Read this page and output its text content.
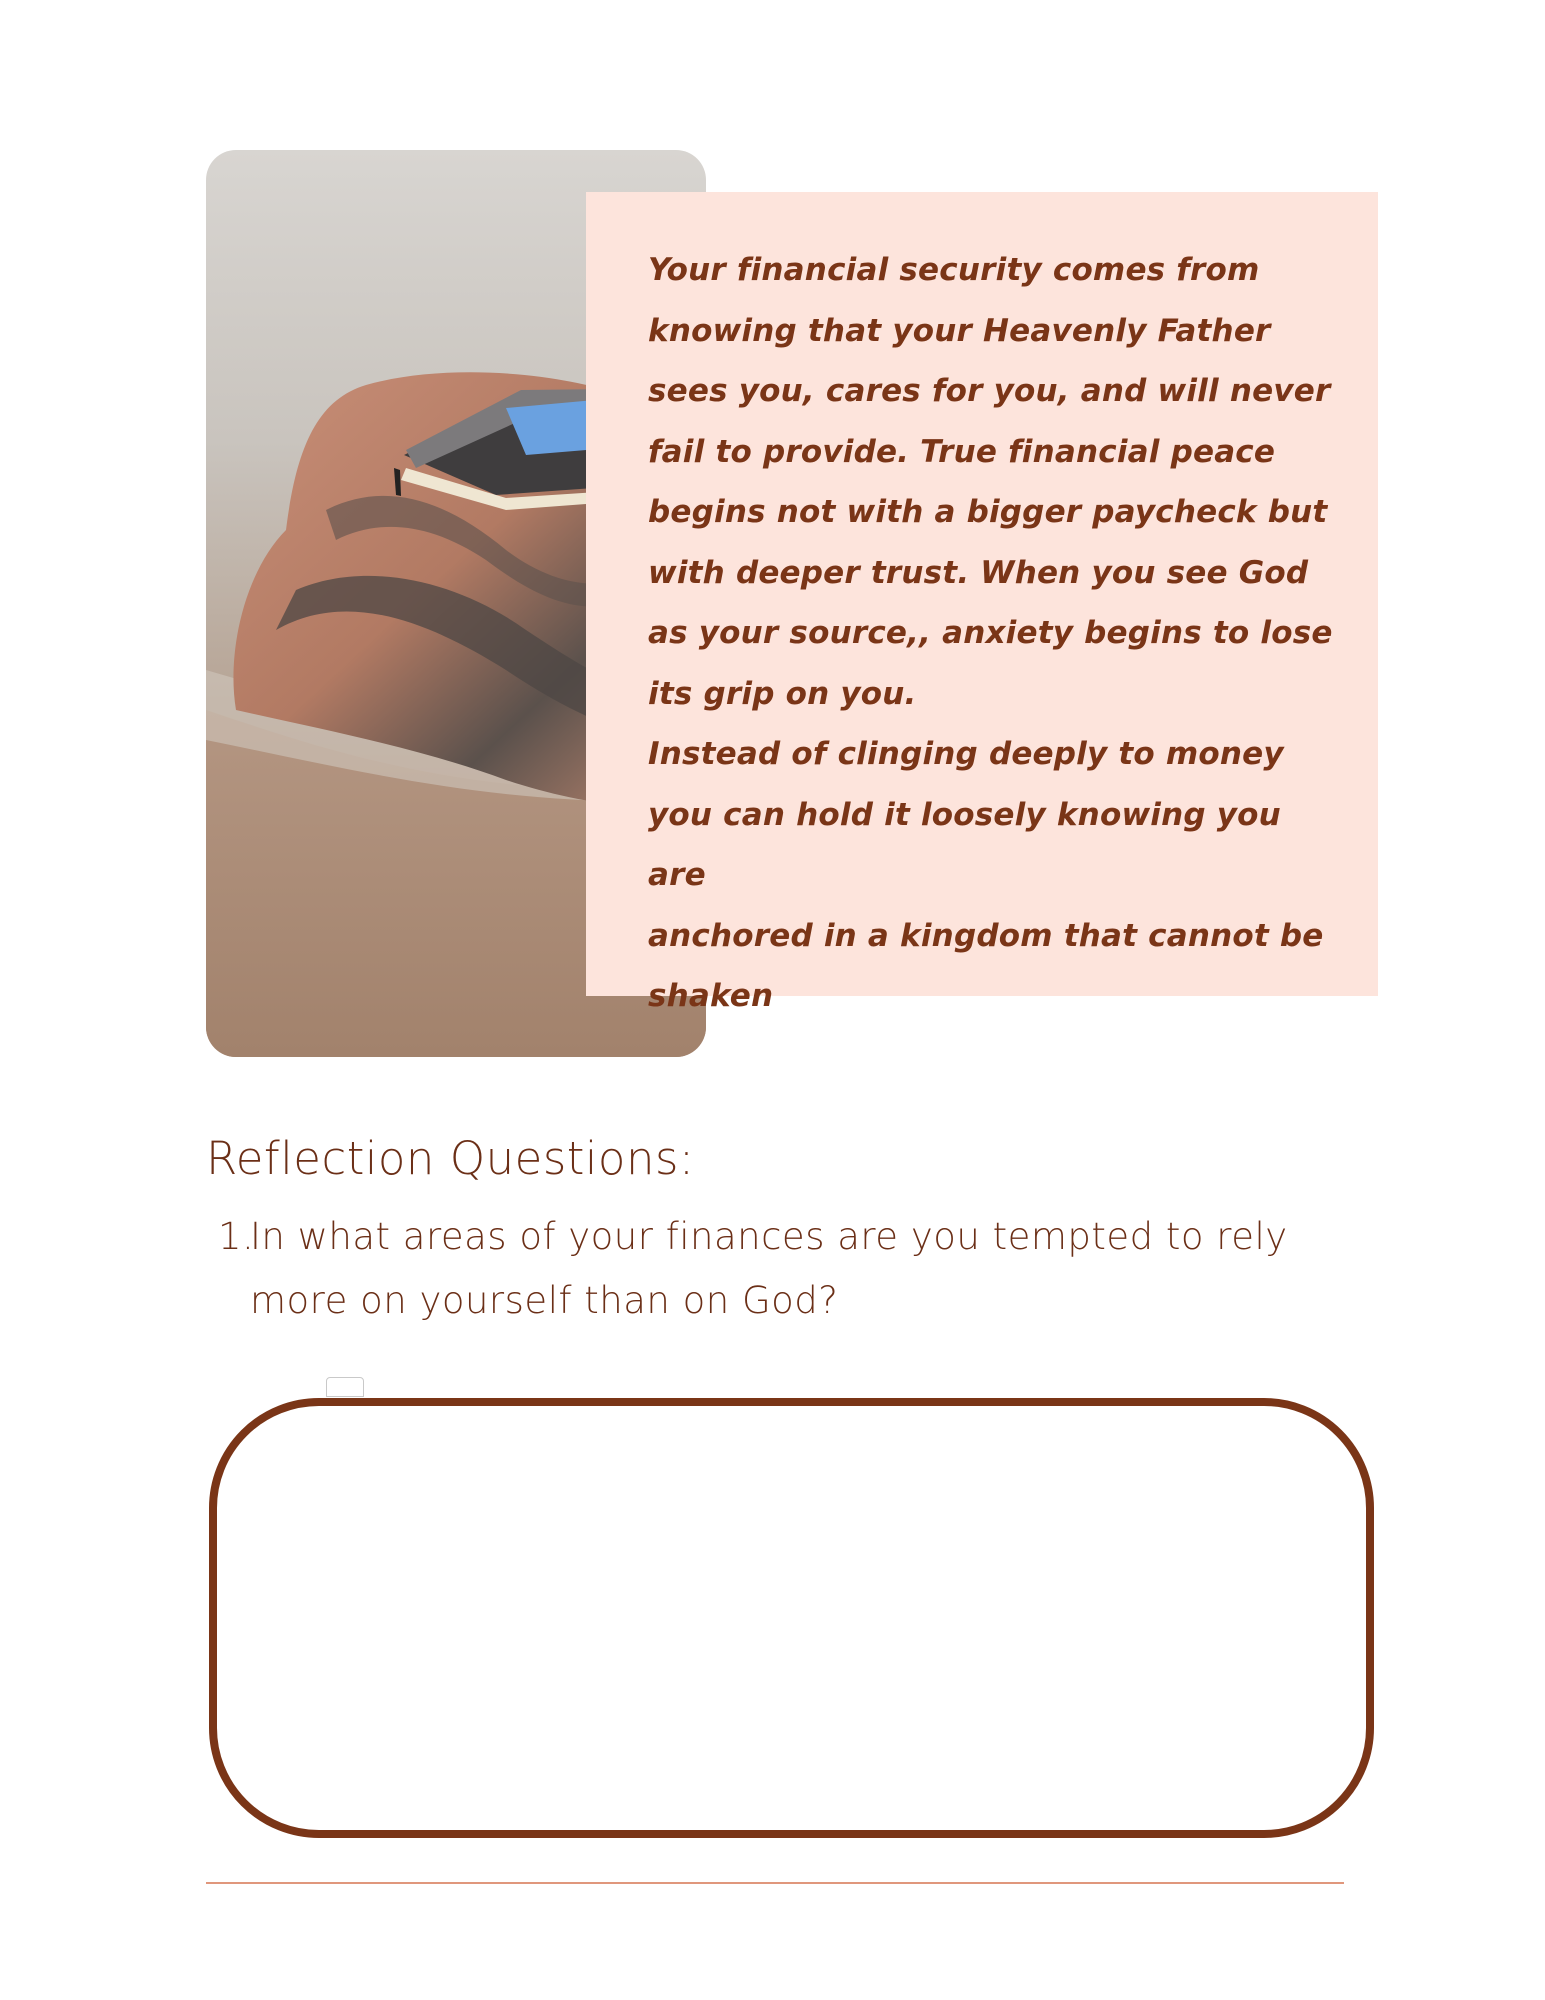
Your financial security comes from
knowing that your Heavenly Father
sees you, cares for you, and will never
fail to provide. True financial peace
begins not with a bigger paycheck but
with deeper trust. When you see God
as your source,, anxiety begins to lose
its grip on you.
Instead of clinging deeply to money
you can hold it loosely knowing you are
anchored in a kingdom that cannot be
shaken

Reflection Questions:
1.
In what areas of your finances are you tempted to rely more on yourself than on God?
